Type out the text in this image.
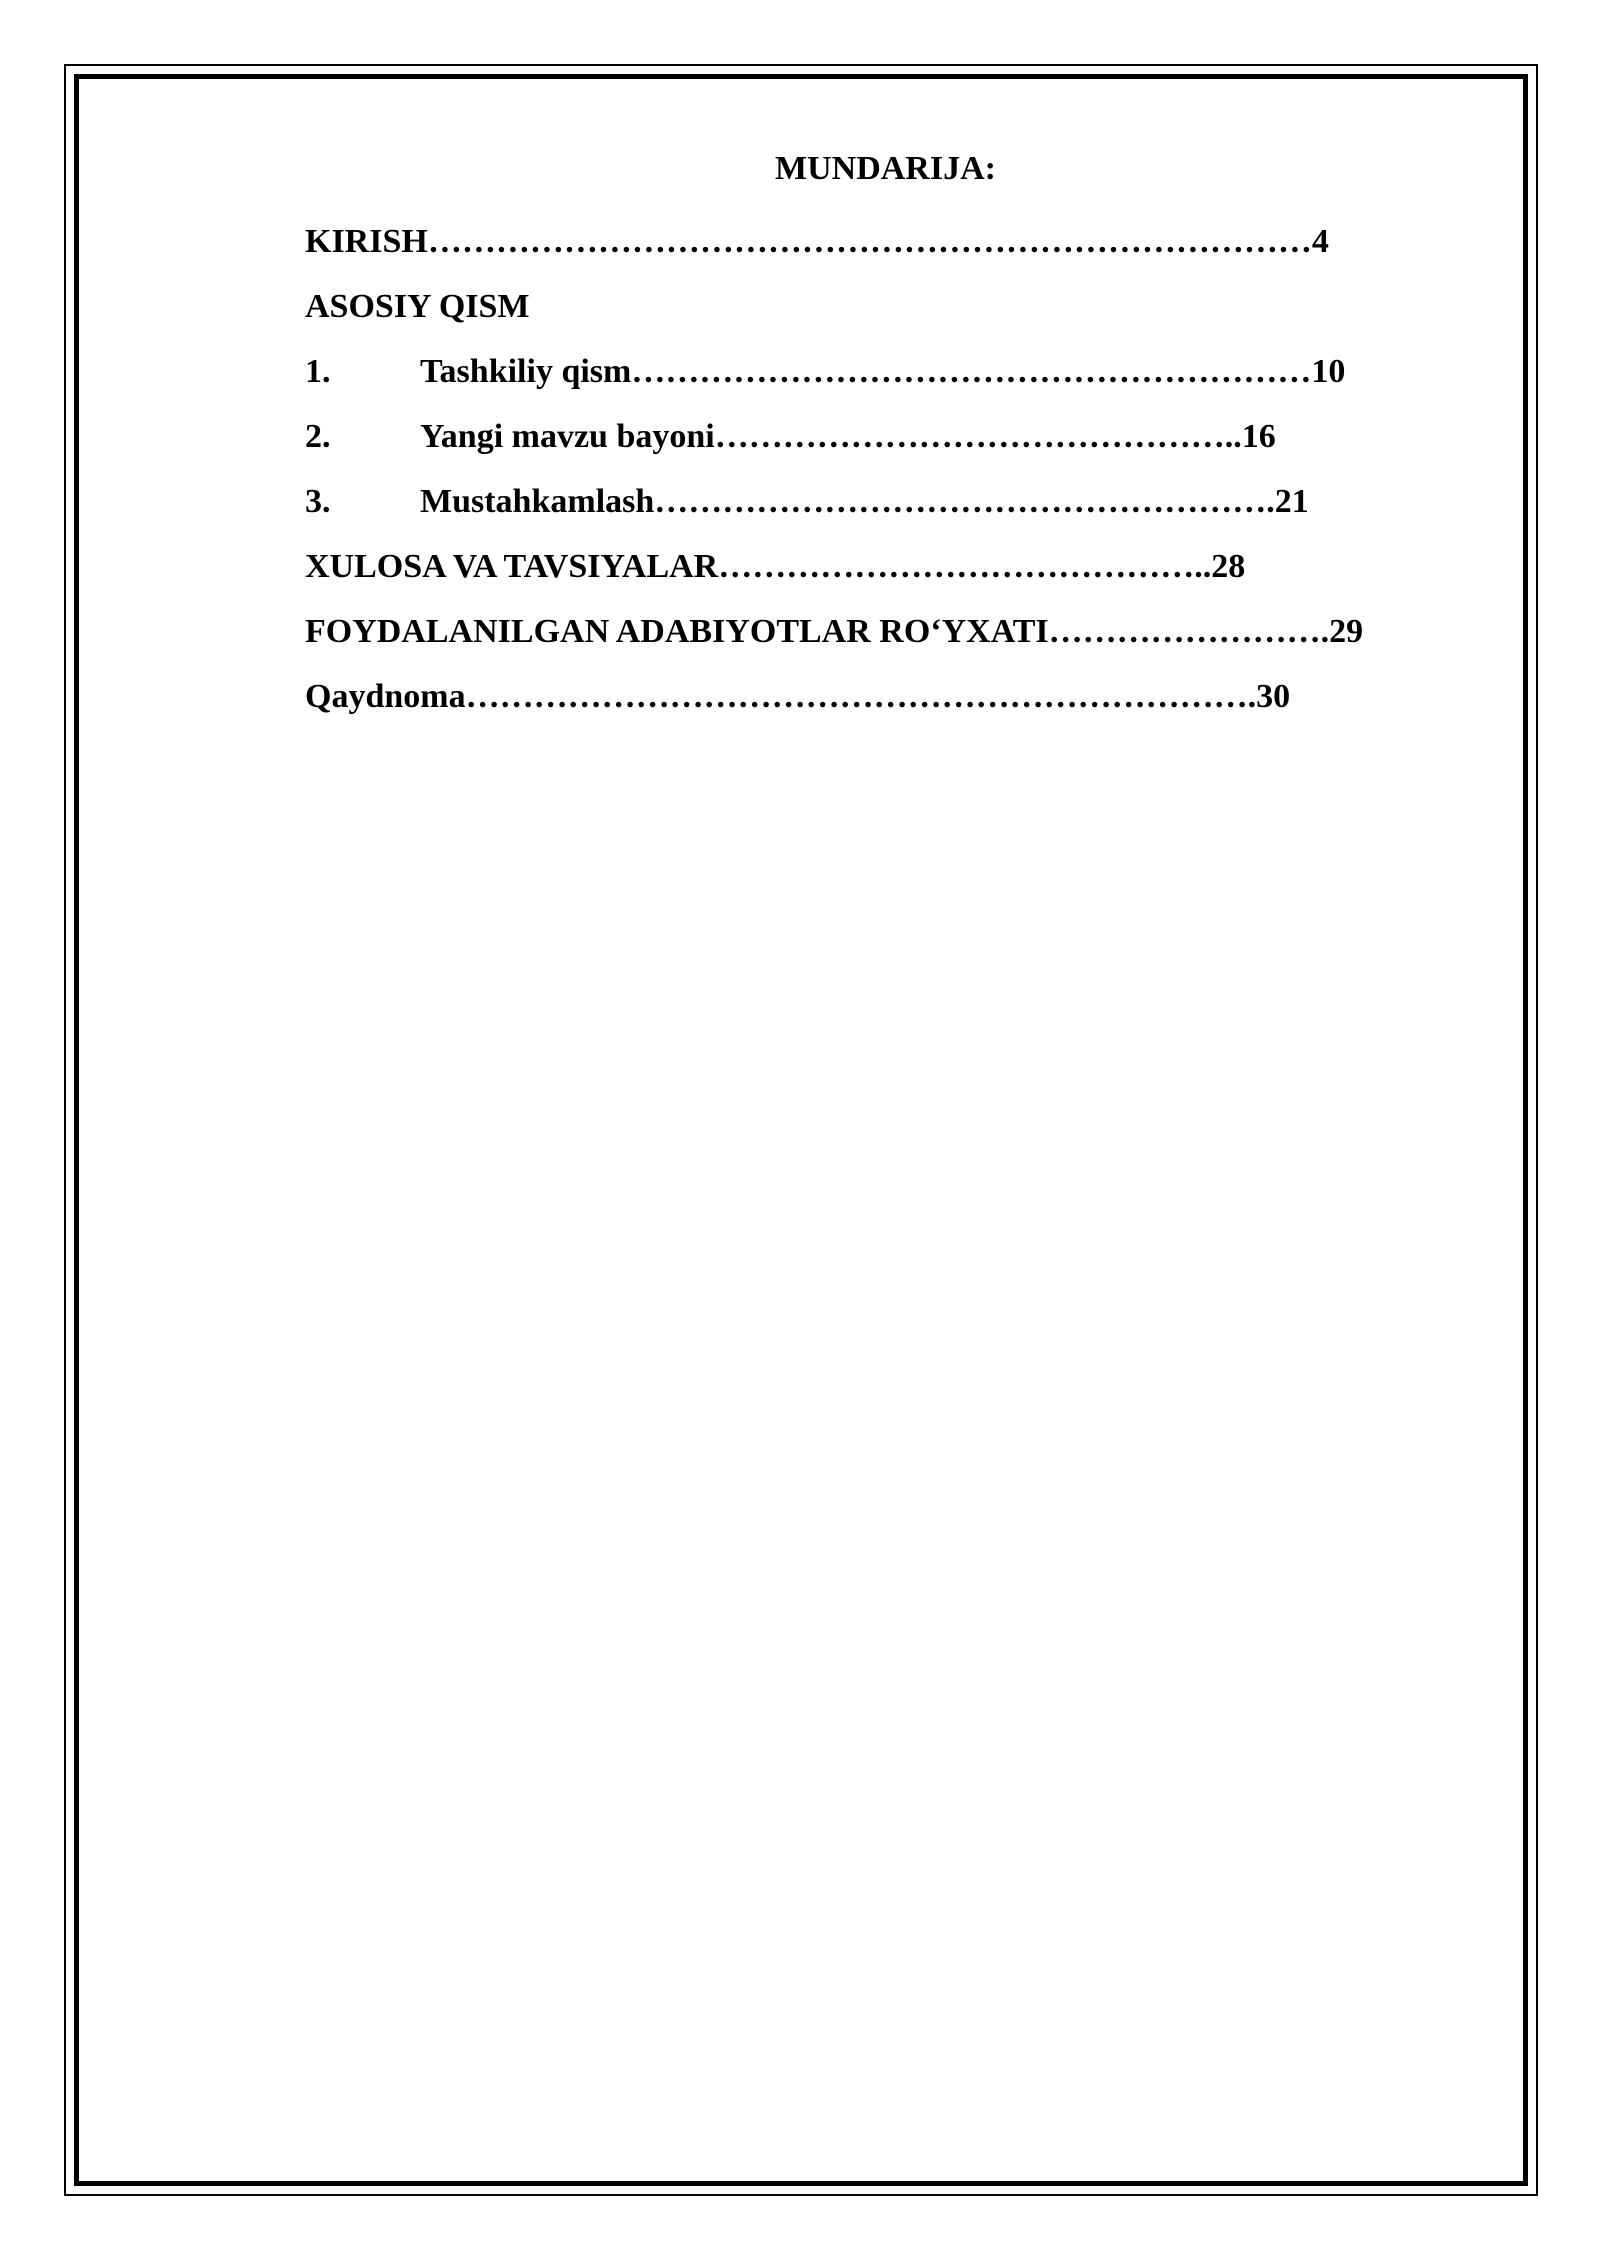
MUNDARIJA:
KIRISH……………………………………………………………………4
ASOSIY QISM
1.	Tashkiliy qism……………………………………………………10
2.	Yangi mavzu bayoni………………………………………..16
3.	Mustahkamlash……………………………………………….21
XULOSA VA TAVSIYALAR……………………………………..28
FOYDALANILGAN ADABIYOTLAR RO‘YXATI…………………….29
Qaydnoma…………………………………………………………….30
